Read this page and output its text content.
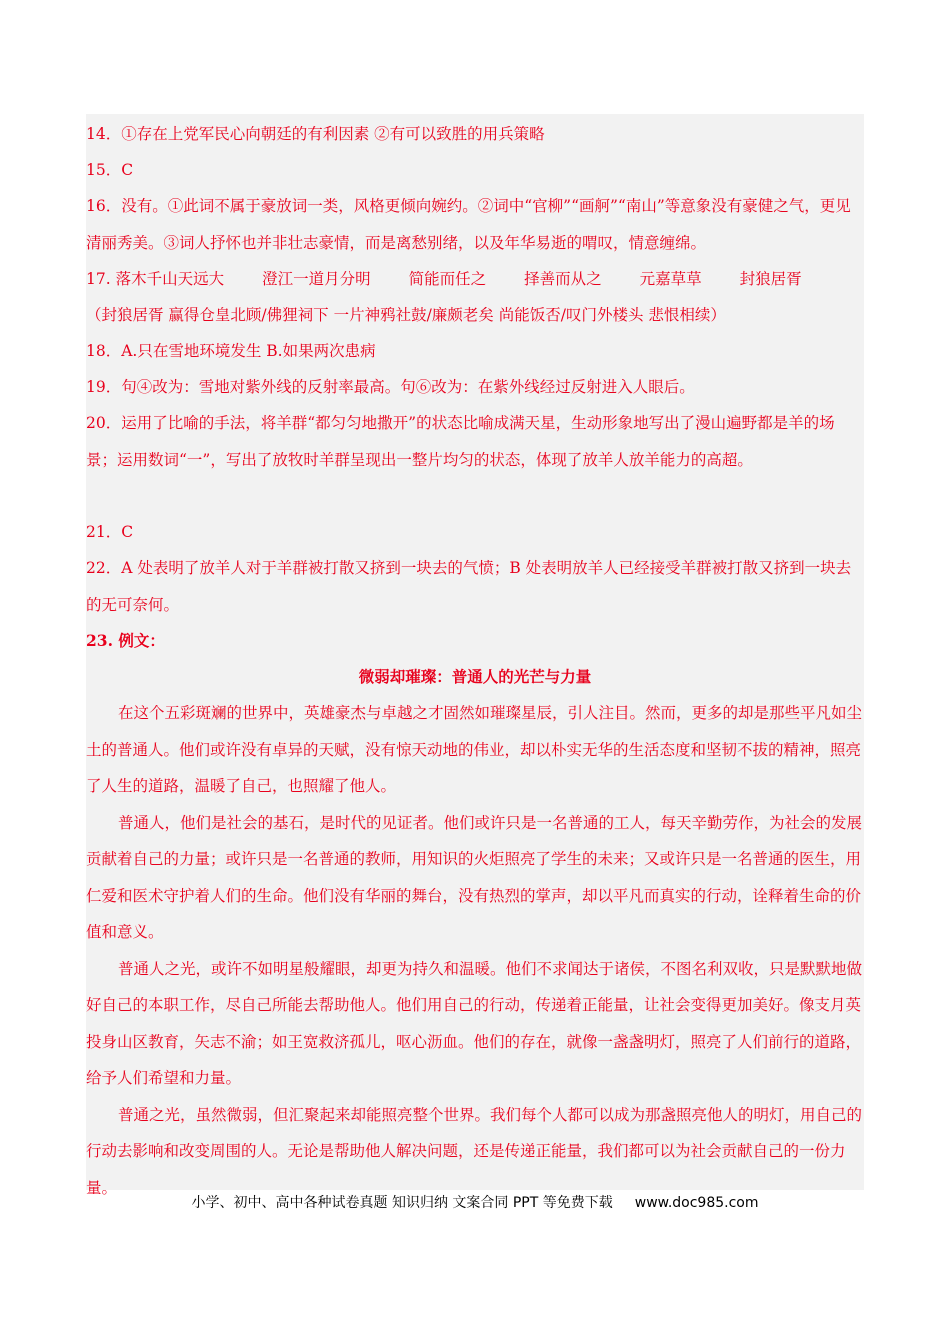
14．①存在上党军民心向朝廷的有利因素 ②有可以致胜的用兵策略

15．C

16．没有。①此词不属于豪放词一类，风格更倾向婉约。②词中“官柳”“画舸”“南山”等意象没有豪健之气，更见清丽秀美。③词人抒怀也并非壮志豪情，而是离愁别绪，以及年华易逝的喟叹，情意缠绵。

17. 落木千山天远大 澄江一道月分明 简能而任之 择善而从之 元嘉草草 封狼居胥

（封狼居胥 赢得仓皇北顾/佛狸祠下 一片神鸦社鼓/廉颇老矣 尚能饭否/叹门外楼头 悲恨相续）

18．A.只在雪地环境发生 B.如果两次患病

19．句④改为：雪地对紫外线的反射率最高。句⑥改为：在紫外线经过反射进入人眼后。

20．运用了比喻的手法，将羊群“都匀匀地撒开”的状态比喻成满天星，生动形象地写出了漫山遍野都是羊的场景；运用数词“一”，写出了放牧时羊群呈现出一整片均匀的状态，体现了放羊人放羊能力的高超。

21．C

22．A 处表明了放羊人对于羊群被打散又挤到一块去的气愤；B 处表明放羊人已经接受羊群被打散又挤到一块去的无可奈何。

23. 例文：

微弱却璀璨：普通人的光芒与力量

在这个五彩斑斓的世界中，英雄豪杰与卓越之才固然如璀璨星辰，引人注目。然而，更多的却是那些平凡如尘土的普通人。他们或许没有卓异的天赋，没有惊天动地的伟业，却以朴实无华的生活态度和坚韧不拔的精神，照亮了人生的道路，温暖了自己，也照耀了他人。

普通人，他们是社会的基石，是时代的见证者。他们或许只是一名普通的工人，每天辛勤劳作，为社会的发展贡献着自己的力量；或许只是一名普通的教师，用知识的火炬照亮了学生的未来；又或许只是一名普通的医生，用仁爱和医术守护着人们的生命。他们没有华丽的舞台，没有热烈的掌声，却以平凡而真实的行动，诠释着生命的价值和意义。

普通人之光，或许不如明星般耀眼，却更为持久和温暖。他们不求闻达于诸侯，不图名利双收，只是默默地做好自己的本职工作，尽自己所能去帮助他人。他们用自己的行动，传递着正能量，让社会变得更加美好。像支月英投身山区教育，矢志不渝；如王宽救济孤儿，呕心沥血。他们的存在，就像一盏盏明灯，照亮了人们前行的道路，给予人们希望和力量。

普通之光，虽然微弱，但汇聚起来却能照亮整个世界。我们每个人都可以成为那盏照亮他人的明灯，用自己的行动去影响和改变周围的人。无论是帮助他人解决问题，还是传递正能量，我们都可以为社会贡献自己的一份力量。

小学、初中、高中各种试卷真题 知识归纳 文案合同 PPT 等免费下载 www.doc985.com
